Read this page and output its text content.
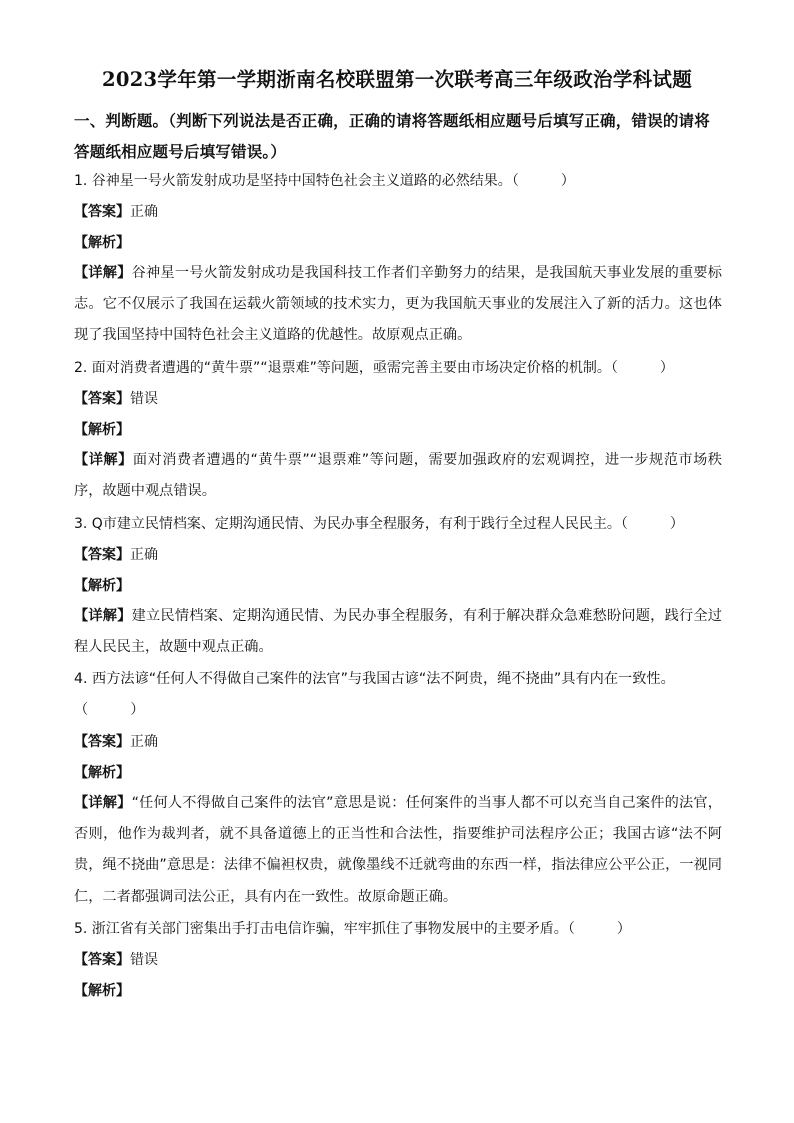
2023学年第一学期浙南名校联盟第一次联考高三年级政治学科试题
一、判断题。（判断下列说法是否正确，正确的请将答题纸相应题号后填写正确，错误的请将答题纸相应题号后填写错误。）
1. 谷神星一号火箭发射成功是坚持中国特色社会主义道路的必然结果。（	）
【答案】正确
【解析】
【详解】谷神星一号火箭发射成功是我国科技工作者们辛勤努力的结果，是我国航天事业发展的重要标志。它不仅展示了我国在运载火箭领域的技术实力，更为我国航天事业的发展注入了新的活力。这也体现了我国坚持中国特色社会主义道路的优越性。故原观点正确。
2. 面对消费者遭遇的“黄牛票”“退票难”等问题，亟需完善主要由市场决定价格的机制。（	）
【答案】错误
【解析】
【详解】面对消费者遭遇的“黄牛票”“退票难”等问题，需要加强政府的宏观调控，进一步规范市场秩序，故题中观点错误。
3. Q市建立民情档案、定期沟通民情、为民办事全程服务，有利于践行全过程人民民主。（	）
【答案】正确
【解析】
【详解】建立民情档案、定期沟通民情、为民办事全程服务，有利于解决群众急难愁盼问题，践行全过程人民民主，故题中观点正确。
4. 西方法谚“任何人不得做自己案件的法官”与我国古谚“法不阿贵，绳不挠曲”具有内在一致性。
（	）
【答案】正确
【解析】
【详解】“任何人不得做自己案件的法官”意思是说：任何案件的当事人都不可以充当自己案件的法官，否则，他作为裁判者，就不具备道德上的正当性和合法性，指要维护司法程序公正；我国古谚“法不阿贵，绳不挠曲”意思是：法律不偏袒权贵，就像墨线不迁就弯曲的东西一样，指法律应公平公正，一视同仁，二者都强调司法公正，具有内在一致性。故原命题正确。
5. 浙江省有关部门密集出手打击电信诈骗，牢牢抓住了事物发展中的主要矛盾。（	）
【答案】错误
【解析】
